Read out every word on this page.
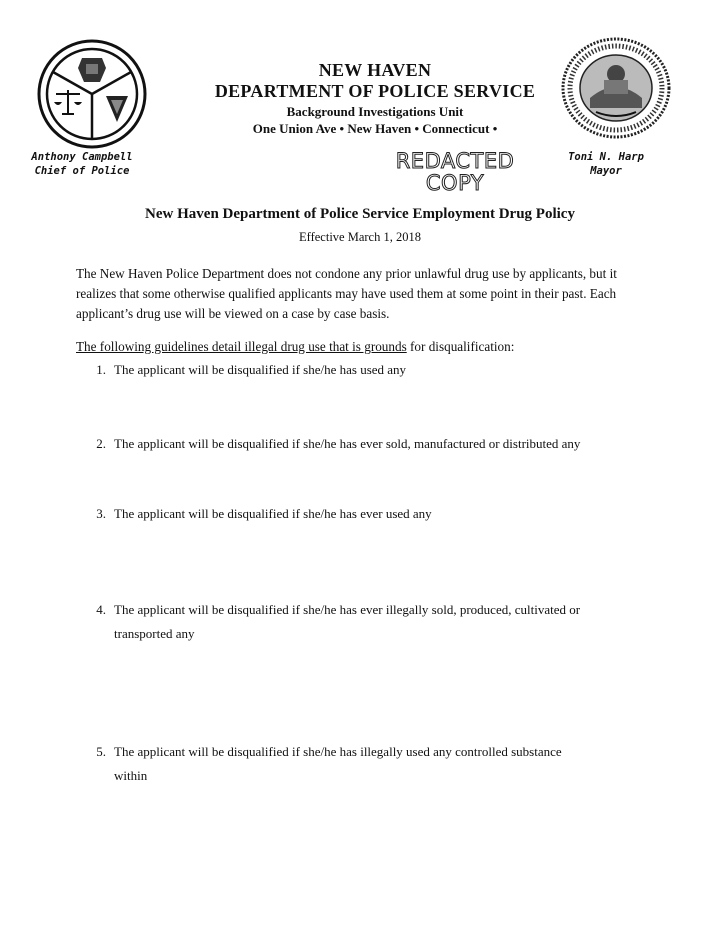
NEW HAVEN
DEPARTMENT OF POLICE SERVICE
Background Investigations Unit
One Union Ave • New Haven • Connecticut •
Anthony Campbell
Chief of Police
Toni N. Harp
Mayor
REDACTED
COPY
New Haven Department of Police Service Employment Drug Policy
Effective March 1, 2018
The New Haven Police Department does not condone any prior unlawful drug use by applicants, but it realizes that some otherwise qualified applicants may have used them at some point in their past. Each applicant’s drug use will be viewed on a case by case basis.
The following guidelines detail illegal drug use that is grounds for disqualification:
1. The applicant will be disqualified if she/he has used any
2. The applicant will be disqualified if she/he has ever sold, manufactured or distributed any
3. The applicant will be disqualified if she/he has ever used any
4. The applicant will be disqualified if she/he has ever illegally sold, produced, cultivated or
transported any
5. The applicant will be disqualified if she/he has illegally used any controlled substance
within
